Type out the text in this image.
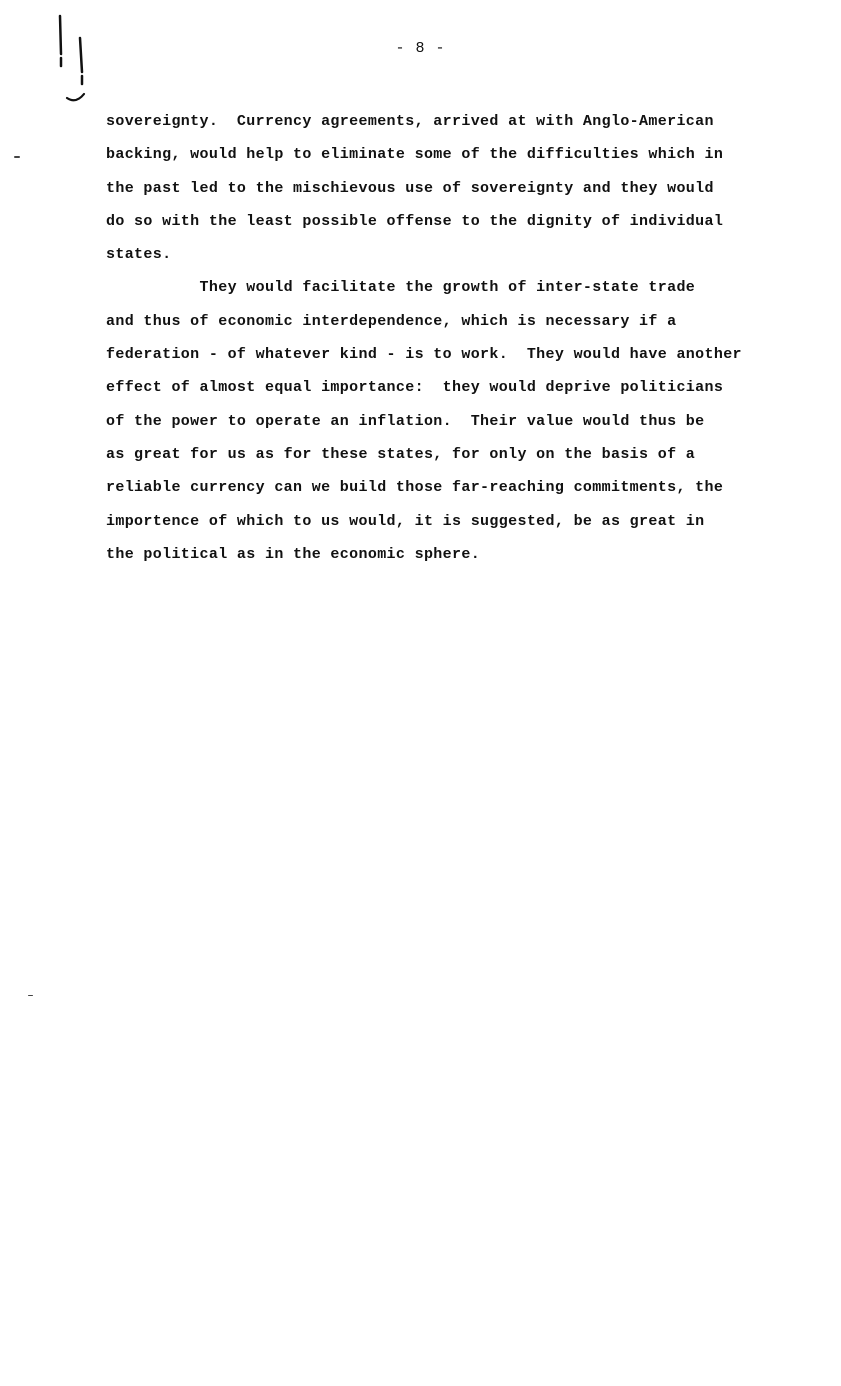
- 8 -
sovereignty.  Currency agreements, arrived at with Anglo-American
backing, would help to eliminate some of the difficulties which in
the past led to the mischievous use of sovereignty and they would
do so with the least possible offense to the dignity of individual
states.
They would facilitate the growth of inter-state trade
and thus of economic interdependence, which is necessary if a
federation - of whatever kind - is to work.  They would have another
effect of almost equal importance:  they would deprive politicians
of the power to operate an inflation.  Their value would thus be
as great for us as for these states, for only on the basis of a
reliable currency can we build those far-reaching commitments, the
importence of which to us would, it is suggested, be as great in
the political as in the economic sphere.
